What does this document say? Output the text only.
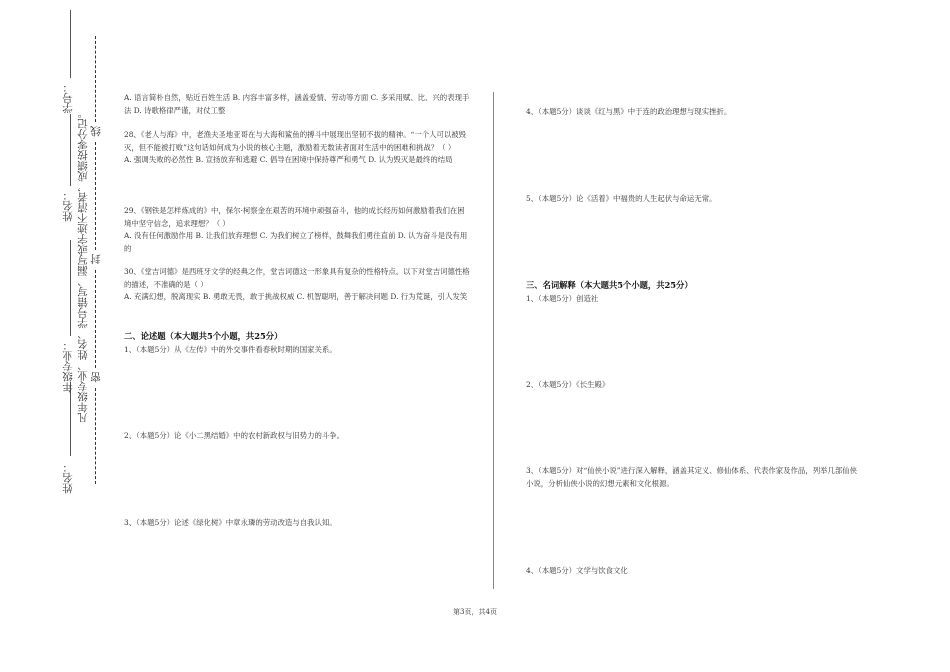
姓名：
年级专业：
姓名：
学号：
凡年级专业、姓名、学号错写、漏写或字迹不清者，成绩按零分记。 线
封
密

A. 语言简朴自然，贴近百姓生活 B. 内容丰富多样，涵盖爱情、劳动等方面 C. 多采用赋、比、兴的表现手法 D. 诗歌格律严谨，对仗工整

28、《老人与海》中，老渔夫圣地亚哥在与大海和鲨鱼的搏斗中展现出坚韧不拔的精神。“一个人可以被毁灭，但不能被打败”这句话如何成为小说的核心主题，激励着无数读者面对生活中的困难和挑战？（ ）

A. 强调失败的必然性 B. 宣扬放弃和逃避 C. 倡导在困境中保持尊严和勇气 D. 认为毁灭是最终的结局

29、《钢铁是怎样炼成的》中，保尔·柯察金在艰苦的环境中顽强奋斗，他的成长经历如何激励着我们在困境中坚守信念，追求理想？（ ）

A. 没有任何激励作用 B. 让我们放弃理想 C. 为我们树立了榜样，鼓舞我们勇往直前 D. 认为奋斗是没有用的

30、《堂吉诃德》是西班牙文学的经典之作，堂吉诃德这一形象具有复杂的性格特点。以下对堂吉诃德性格的描述，不准确的是（ ）

A. 充满幻想，脱离现实 B. 勇敢无畏，敢于挑战权威 C. 机智聪明，善于解决问题 D. 行为荒诞，引人发笑

二、论述题（本大题共5个小题，共25分）
1、（本题5分）从《左传》中的外交事件看春秋时期的国家关系。
2、（本题5分）论《小二黑结婚》中的农村新政权与旧势力的斗争。
3、（本题5分）论述《绿化树》中章永璘的劳动改造与自我认知。
4、（本题5分）谈谈《红与黑》中于连的政治理想与现实挫折。
5、（本题5分）论《活着》中福贵的人生起伏与命运无常。
三、名词解释（本大题共5个小题，共25分）
1、（本题5分）创造社
2、（本题5分）《长生殿》
3、（本题5分）对“仙侠小说”进行深入解释，涵盖其定义、修仙体系、代表作家及作品，列举几部仙侠小说，分析仙侠小说的幻想元素和文化根源。
4、（本题5分）文学与饮食文化
第3页，共4页
